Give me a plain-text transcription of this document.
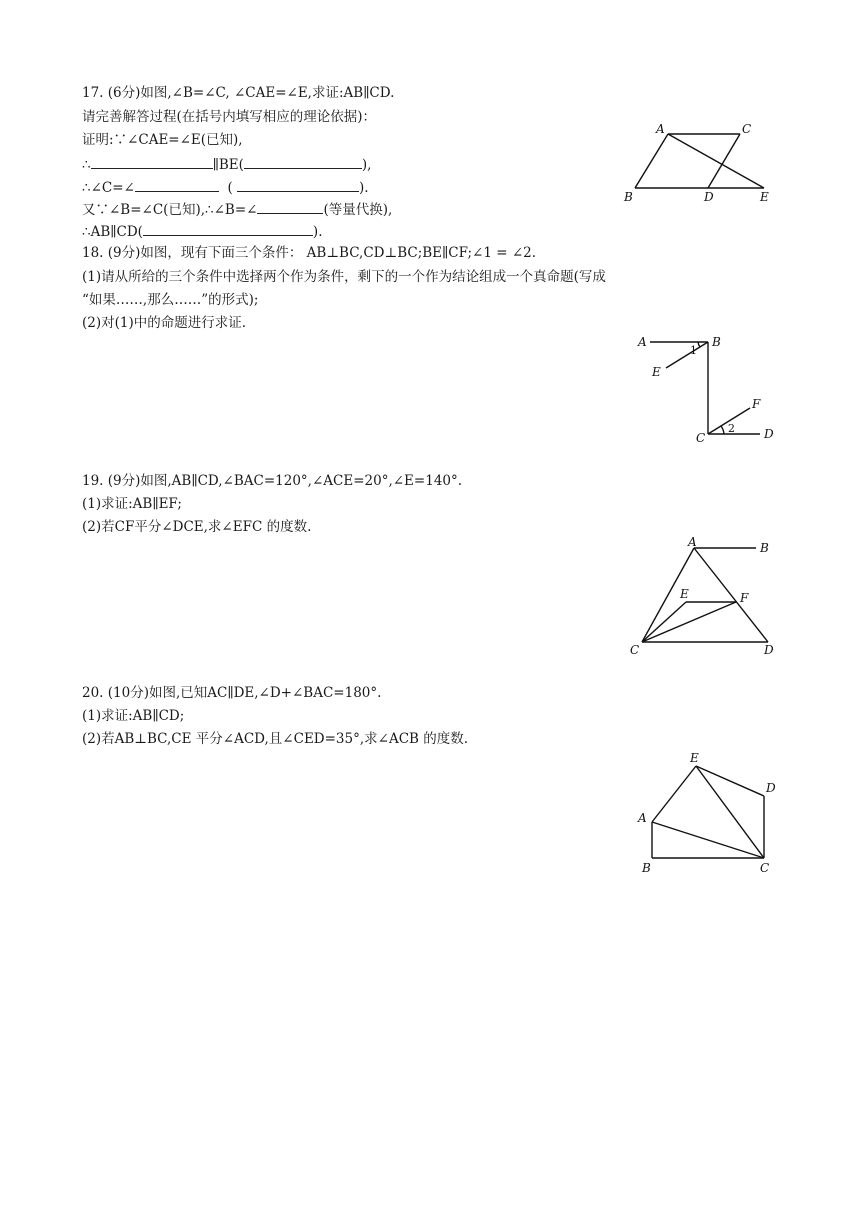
17. (6分)如图,∠B=∠C, ∠CAE=∠E,求证:AB∥CD.
请完善解答过程(在括号内填写相应的理论依据)：
证明:∵∠CAE=∠E(已知),
∴	∥BE(	),
∴∠C=∠	(	).
又∵∠B=∠C(已知),∴∠B=∠	(等量代换),
∴AB∥CD(	).
A	C
B	D	E
18. (9分)如图，现有下面三个条件： AB⊥BC,CD⊥BC;BE∥CF;∠1 = ∠2.
(1)请从所给的三个条件中选择两个作为条件，剩下的一个作为结论组成一个真命题(写成
“如果……,那么……”的形式);
(2)对(1)中的命题进行求证.
A	B
E
1
F
C
2 D
19. (9分)如图,AB∥CD,∠BAC=120°,∠ACE=20°,∠E=140°.
(1)求证:AB∥EF;
(2)若CF平分∠DCE,求∠EFC 的度数.
A	B
E	F
C	D
20. (10分)如图,已知AC∥DE,∠D+∠BAC=180°.
(1)求证:AB∥CD;
(2)若AB⊥BC,CE 平分∠ACD,且∠CED=35°,求∠ACB 的度数.
E
D
A
B	C
